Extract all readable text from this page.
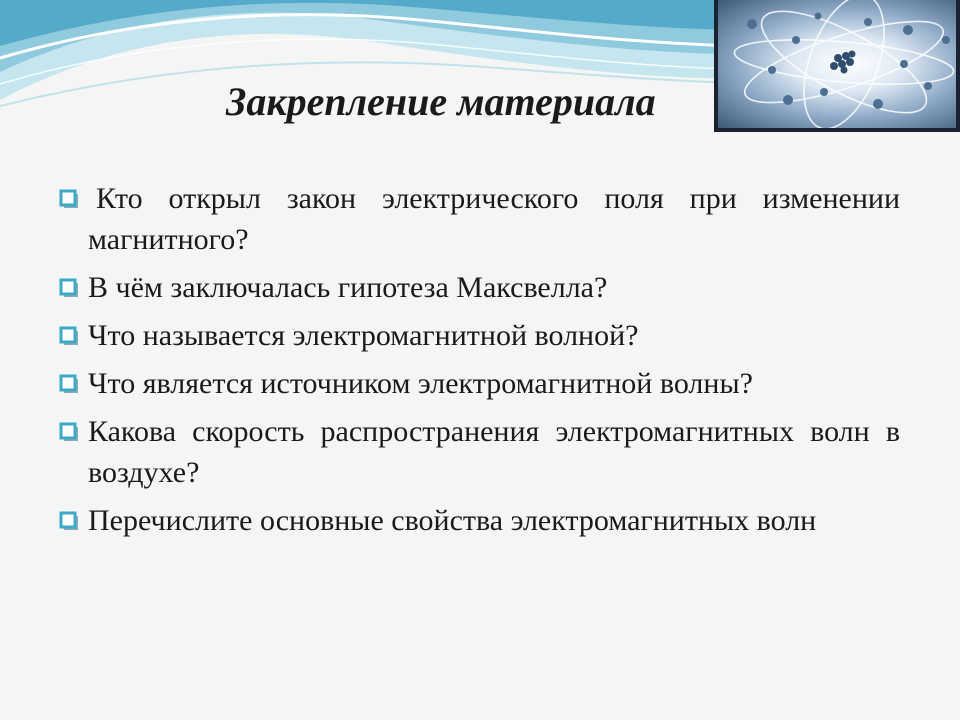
Закрепление материала
Кто открыл закон электрического поля при изменении магнитного?
В чём заключалась гипотеза Максвелла?
Что называется электромагнитной волной?
Что является источником электромагнитной волны?
Какова скорость распространения электромагнитных волн в воздухе?
Перечислите основные свойства электромагнитных волн
